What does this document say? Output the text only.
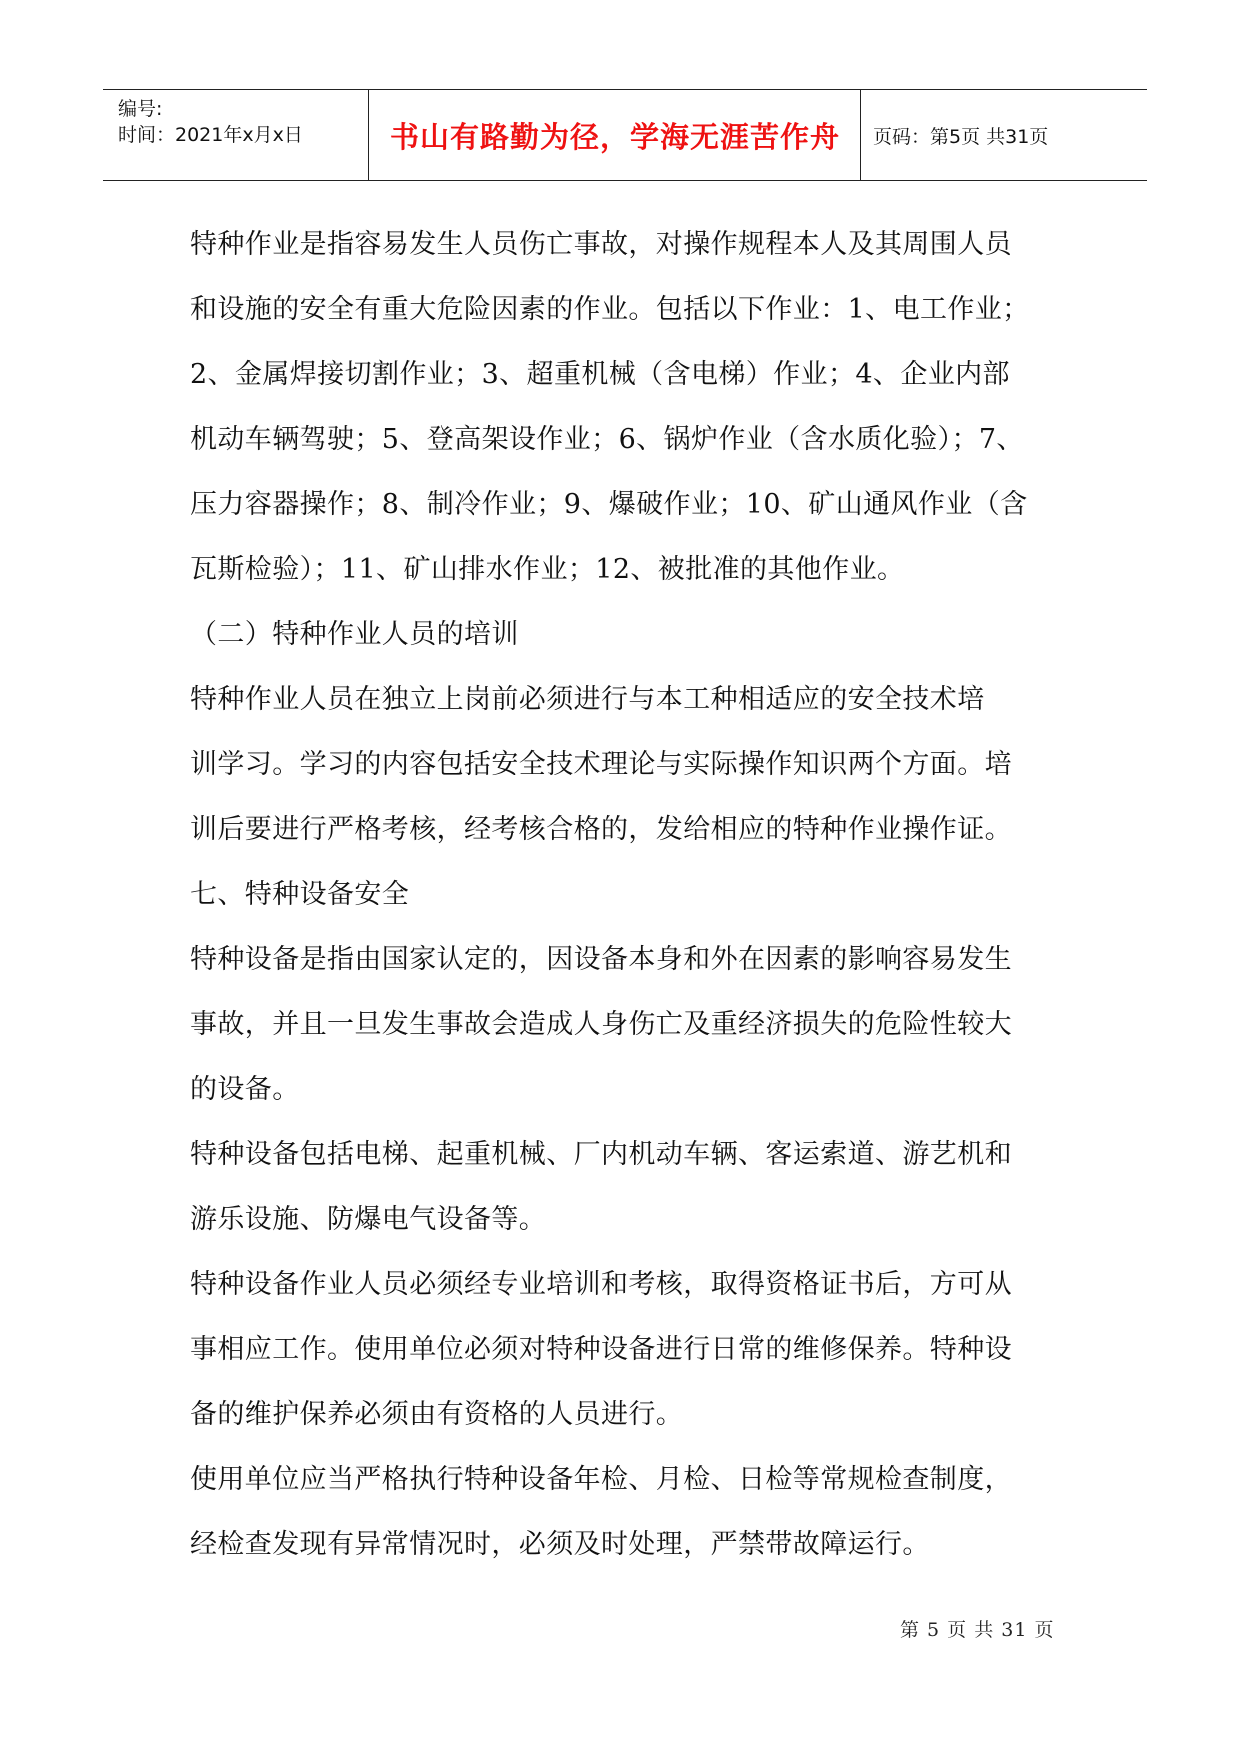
编号:
时间：2021年x月x日	书山有路勤为径，学海无涯苦作舟	页码：第5页 共31页
特种作业是指容易发生人员伤亡事故，对操作规程本人及其周围人员
和设施的安全有重大危险因素的作业。包括以下作业：1、电工作业；
2、金属焊接切割作业；3、超重机械（含电梯）作业；4、企业内部
机动车辆驾驶；5、登高架设作业；6、锅炉作业（含水质化验）；7、
压力容器操作；8、制冷作业；9、爆破作业；10、矿山通风作业（含
瓦斯检验）；11、矿山排水作业；12、被批准的其他作业。
（二）特种作业人员的培训
特种作业人员在独立上岗前必须进行与本工种相适应的安全技术培
训学习。学习的内容包括安全技术理论与实际操作知识两个方面。培
训后要进行严格考核，经考核合格的，发给相应的特种作业操作证。
七、特种设备安全
特种设备是指由国家认定的，因设备本身和外在因素的影响容易发生
事故，并且一旦发生事故会造成人身伤亡及重经济损失的危险性较大
的设备。
特种设备包括电梯、起重机械、厂内机动车辆、客运索道、游艺机和
游乐设施、防爆电气设备等。
特种设备作业人员必须经专业培训和考核，取得资格证书后，方可从
事相应工作。使用单位必须对特种设备进行日常的维修保养。特种设
备的维护保养必须由有资格的人员进行。
使用单位应当严格执行特种设备年检、月检、日检等常规检查制度，
经检查发现有异常情况时，必须及时处理，严禁带故障运行。
第 5 页 共 31 页
